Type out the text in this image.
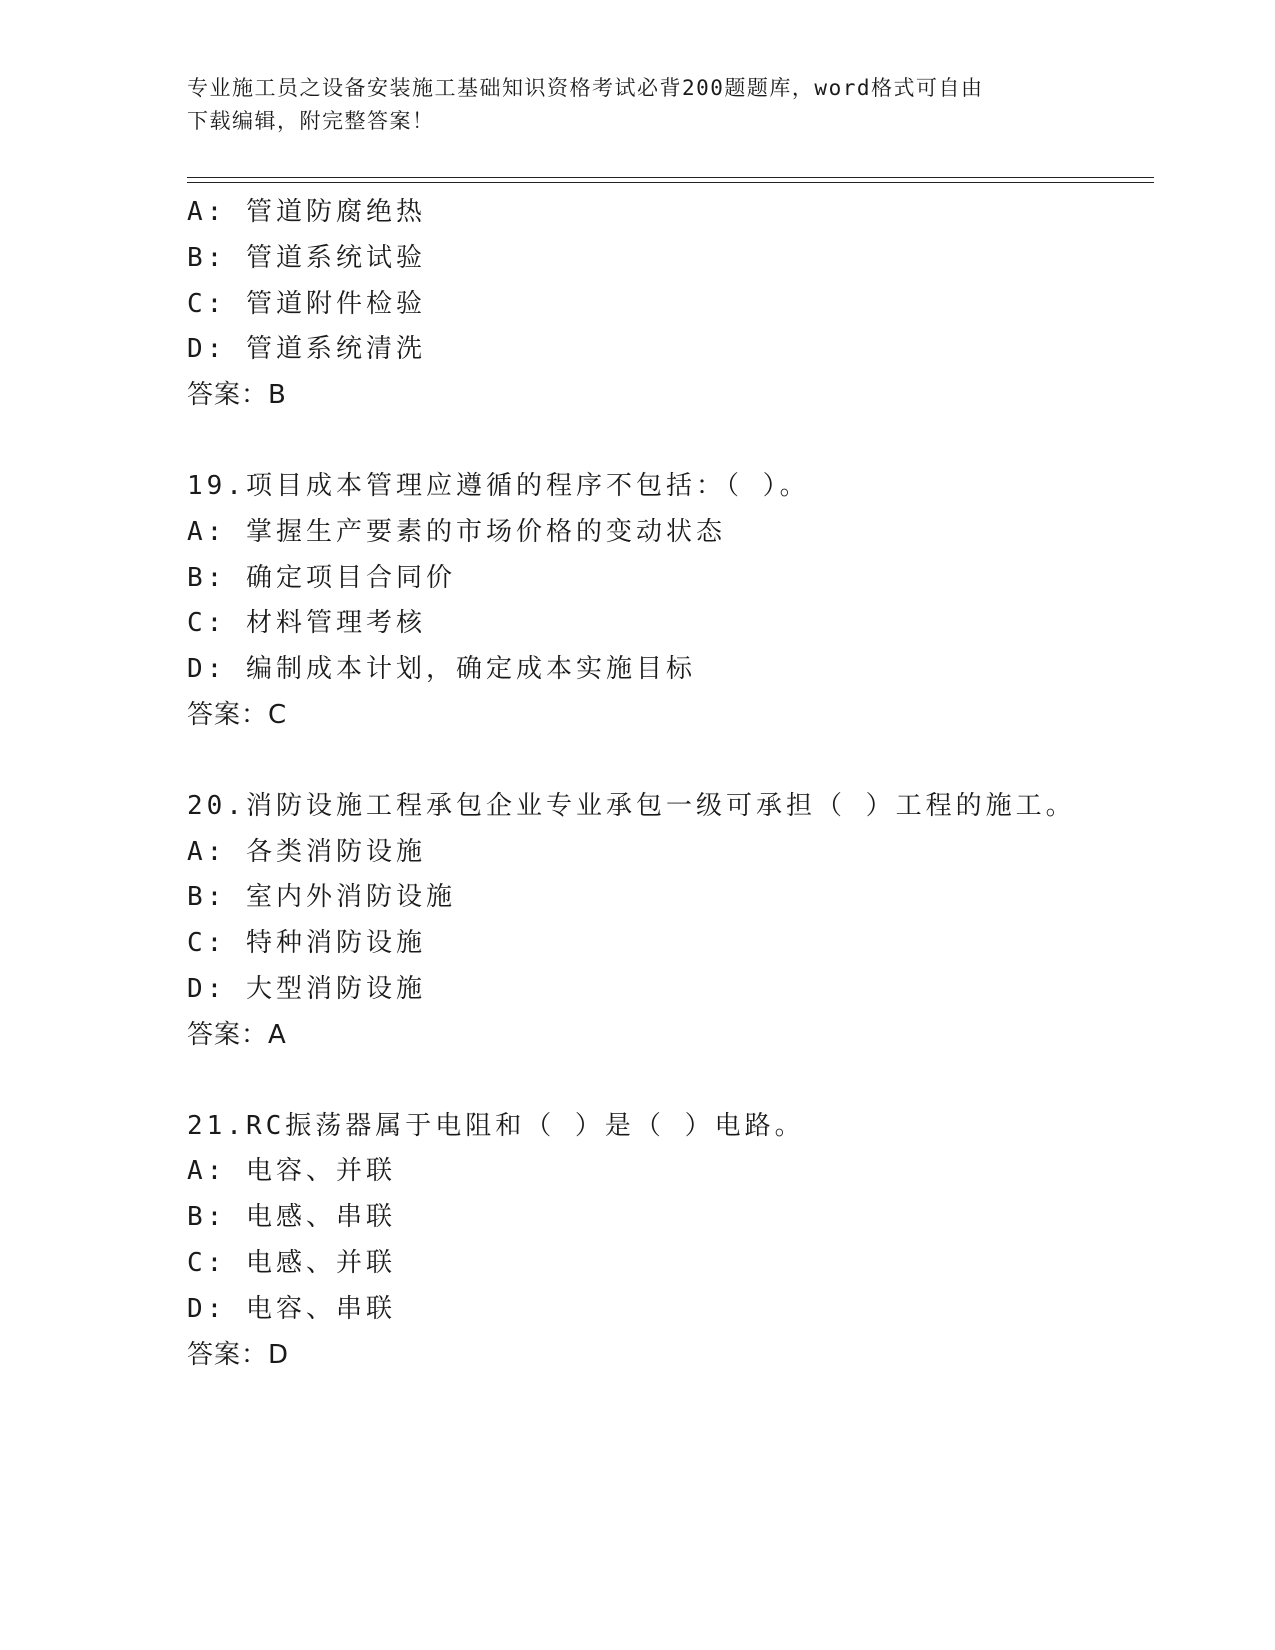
专业施工员之设备安装施工基础知识资格考试必背200题题库，word格式可自由
下载编辑，附完整答案！
A: 管道防腐绝热
B: 管道系统试验
C: 管道附件检验
D: 管道系统清洗
答案：B
19.项目成本管理应遵循的程序不包括：（ ）。
A: 掌握生产要素的市场价格的变动状态
B: 确定项目合同价
C: 材料管理考核
D: 编制成本计划，确定成本实施目标
答案：C
20.消防设施工程承包企业专业承包一级可承担（ ）工程的施工。
A: 各类消防设施
B: 室内外消防设施
C: 特种消防设施
D: 大型消防设施
答案：A
21.RC振荡器属于电阻和（ ）是（ ）电路。
A: 电容、并联
B: 电感、串联
C: 电感、并联
D: 电容、串联
答案：D
